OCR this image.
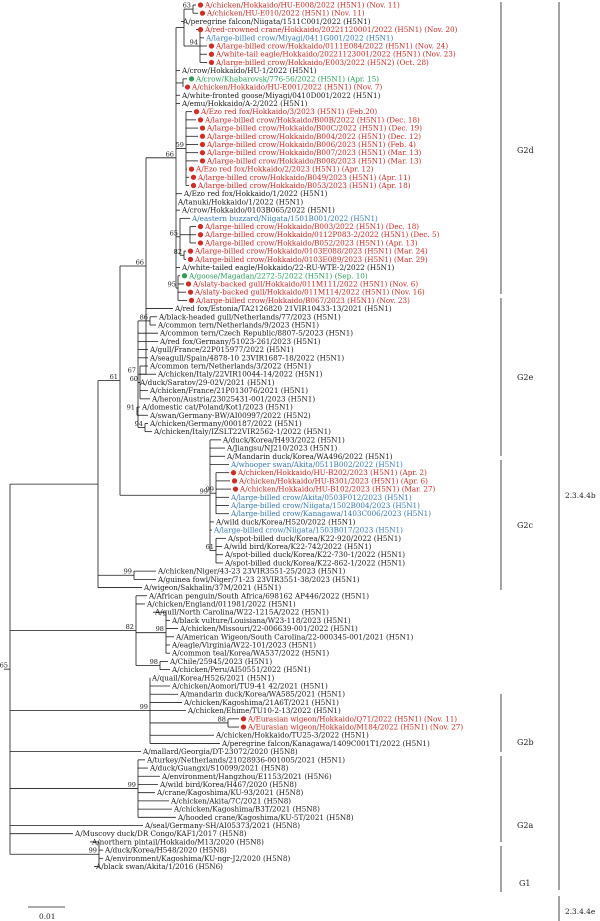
A/chicken/Hokkaido/HU-E008/2022 (H5N1) (Nov. 11)
A/chicken/HU-E010/2022 (H5N1) (Nov. 11)
A/peregrine falcon/Niigata/1511C001/2022 (H5N1)
A/red-crowned crane/Hokkaido/20221120001/2022 (H5N1) (Nov. 20)
A/large-billed crow/Miyagi/0411G001/2022 (H5N1)
A/large-billed crow/Hokkaido/0111E084/2022 (H5N1) (Nov. 24)
A/white-tail eagle/Hokkaido/20221123001/2022 (H5N1) (Nov. 23)
A/large-billed crow/Hokkaido/E003/2022 (H5N2) (Oct. 28)
A/crow/Hokkaido/HU-1/2022 (H5N1)
A/crow/Khabarovsk/776-56/2022 (H5N1) (Apr. 15)
A/chicken/Hokkaido/HU-E001/2022 (H5N1) (Nov. 7)
A/white-fronted goose/Miyagi/0410D001/2022 (H5N1)
A/emu/Hokkaido/A-2/2022 (H5N1)
A/Ezo red fox/Hokkaido/3/2023 (H5N1) (Feb.20)
A/large-billed crow/Hokkaido/B00B/2022 (H5N1) (Dec. 18)
A/large-billed crow/Hokkaido/B00C/2022 (H5N1) (Dec. 19)
A/large-billed crow/Hokkaido/B004/2022 (H5N1) (Dec. 12)
A/large-billed crow/Hokkaido/B006/2023 (H5N1) (Feb. 4)
A/large-billed crow/Hokkaido/B007/2023 (H5N1) (Mar. 13)
A/large-billed crow/Hokkaido/B008/2023 (H5N1) (Mar. 13)
A/Ezo red fox/Hokkaido/2/2023 (H5N1) (Apr. 12)
A/large-billed crow/Hokkaido/B049/2023 (H5N1) (Apr. 11)
A/large-billed crow/Hokkaido/B053/2023 (H5N1) (Apr. 18)
A/Ezo red fox/Hokkaido/1/2022 (H5N1)
A/tanuki/Hokkaido/1/2022 (H5N1)
A/crow/Hokkaido/0103B065/2022 (H5N1)
A/eastern buzzard/Niigata/1501B001/2022 (H5N1)
A/large-billed crow/Hokkaido/B003/2022 (H5N1) (Dec. 18)
A/large-billed crow/Hokkaido/0112P083-2/2022 (H5N1) (Dec. 5)
A/large-billed crow/Hokkaido/B052/2023 (H5N1) (Apr. 13)
A/large-billed crow/Hokkaido/0103E088/2023 (H5N1) (Mar. 24)
A/large-billed crow/Hokkaido/0103E089/2023 (H5N1) (Mar. 29)
A/white-tailed eagle/Hokkaido/22-RU-WTE-2/2022 (H5N1)
A/goose/Magadan/2272-5/2022 (H5N1) (Sep. 10)
A/slaty-backed gull/Hokkaido/011M111/2022 (H5N1) (Nov. 6)
A/slaty-backed gull/Hokkaido/011M114/2022 (H5N1) (Nov. 16)
A/large-billed crow/Hokkaido/B067/2023 (H5N1) (Nov. 23)
A/red fox/Estonia/TA2126820 21VIR10433-13/2021 (H5N1)
A/black-headed gull/Netherlands/77/2023 (H5N1)
A/common tern/Netherlands/9/2023 (H5N1)
A/common tern/Czech Republic/8807-5/2023 (H5N1)
A/red fox/Germany/51023-261/2023 (H5N1)
A/gull/France/22P015977/2022 (H5N1)
A/seagull/Spain/4878-10 23VIR1687-18/2022 (H5N1)
A/common tern/Netherlands/3/2022 (H5N1)
A/chicken/Italy/22VIR10044-14/2022 (H5N1)
A/duck/Saratov/29-02V/2021 (H5N1)
A/chicken/France/21P013076/2021 (H5N1)
A/heron/Austria/23025431-001/2023 (H5N1)
A/domestic cat/Poland/Kot1/2023 (H5N1)
A/swan/Germany-BW/AI00997/2022 (H5N2)
A/chicken/Germany/000187/2022 (H5N1)
A/chicken/Italy/IZSLT22VIR2562-1/2022 (H5N1)
A/duck/Korea/H493/2022 (H5N1)
A/Jiangsu/NJ210/2023 (H5N1)
A/Mandarin duck/Korea/WA496/2022 (H5N1)
A/whooper swan/Akita/0511B002/2022 (H5N1)
A/chicken/Hokkaido/HU-B202/2023 (H5N1) (Apr. 2)
A/chicken/Hokkaido/HU-B301/2023 (H5N1) (Apr. 6)
A/chicken/Hokkaido/HU-B102/2023 (H5N1) (Mar. 27)
A/large-billed crow/Akita/0503F012/2023 (H5N1)
A/large-billed crow/Niigata/1502B004/2023 (H5N1)
A/large-billed crow/Kanagawa/1403C006/2023 (H5N1)
A/wild duck/Korea/H520/2022 (H5N1)
A/large-billed crow/Niigata/1503B017/2023 (H5N1)
A/spot-billed duck/Korea/K22-920/2022 (H5N1)
A/wild bird/Korea/K22-742/2022 (H5N1)
A/spot-billed duck/Korea/K22-730-1/2022 (H5N1)
A/spot-billed duck/Korea/K22-862-1/2022 (H5N1)
A/chicken/Niger/43-23 23VIR3551-25/2023 (H5N1)
A/guinea fowl/Niger/71-23 23VIR3551-38/2023 (H5N1)
A/wigeon/Sakhalin/37M/2021 (H5N1)
A/African penguin/South Africa/698162 AP446/2022 (H5N1)
A/chicken/England/011981/2022 (H5N1)
A/gull/North Carolina/W22-1215A/2022 (H5N1)
A/black vulture/Louisiana/W23-118/2023 (H5N1)
A/chicken/Missouri/22-006639-001/2022 (H5N1)
A/American Wigeon/South Carolina/22-000345-001/2021 (H5N1)
A/eagle/Virginia/W22-101/2023 (H5N1)
A/common teal/Korea/WA537/2022 (H5N1)
A/Chile/25945/2023 (H5N1)
A/chicken/Peru/AI50551/2022 (H5N1)
A/quail/Korea/H526/2021 (H5N1)
A/chicken/Aomori/TU9-41 42/2021 (H5N1)
A/mandarin duck/Korea/WA585/2021 (H5N1)
A/chicken/Kagoshima/21A6T/2021 (H5N1)
A/chicken/Ehime/TU10-2-13/2022 (H5N1)
A/Eurasian wigeon/Hokkaido/Q71/2022 (H5N1) (Nov. 11)
A/Eurasian wigeon/Hokkaido/M184/2022 (H5N1) (Nov. 27)
A/chicken/Hokkaido/TU25-3/2022 (H5N1)
A/peregrine falcon/Kanagawa/1409C001T1/2022 (H5N1)
A/mallard/Georgia/DT-23072/2020 (H5N8)
A/turkey/Netherlands/21028936-001005/2021 (H5N1)
A/duck/Guangxi/S10099/2021 (H5N8)
A/environment/Hangzhou/E1153/2021 (H5N6)
A/wild bird/Korea/H467/2020 (H5N8)
A/crane/Kagoshima/KU-93/2021 (H5N8)
A/chicken/Akita/7C/2021 (H5N8)
A/chicken/Kagoshima/B3T/2021 (H5N8)
A/hooded crane/Kagoshima/KU-5T/2021 (H5N8)
A/seal/Germany-SH/AI05373/2021 (H5N8)
A/Muscovy duck/DR Congo/KAF1/2017 (H5N8)
A/northern pintail/Hokkaido/M13/2020 (H5N8)
A/duck/Korea/H548/2020 (H5N8)
A/environment/Kagoshima/KU-ngr-J2/2020 (H5N8)
A/black swan/Akita/1/2016 (H5N6)
63
94
59
82
65
95
66
86
60
91
94
67
66
99
61
99
61
99
98
98
82
88
99
99
99
65
G2d
G2e
G2c
G2b
G2a
G1
2.3.4.4b
2.3.4.4e
0.01
